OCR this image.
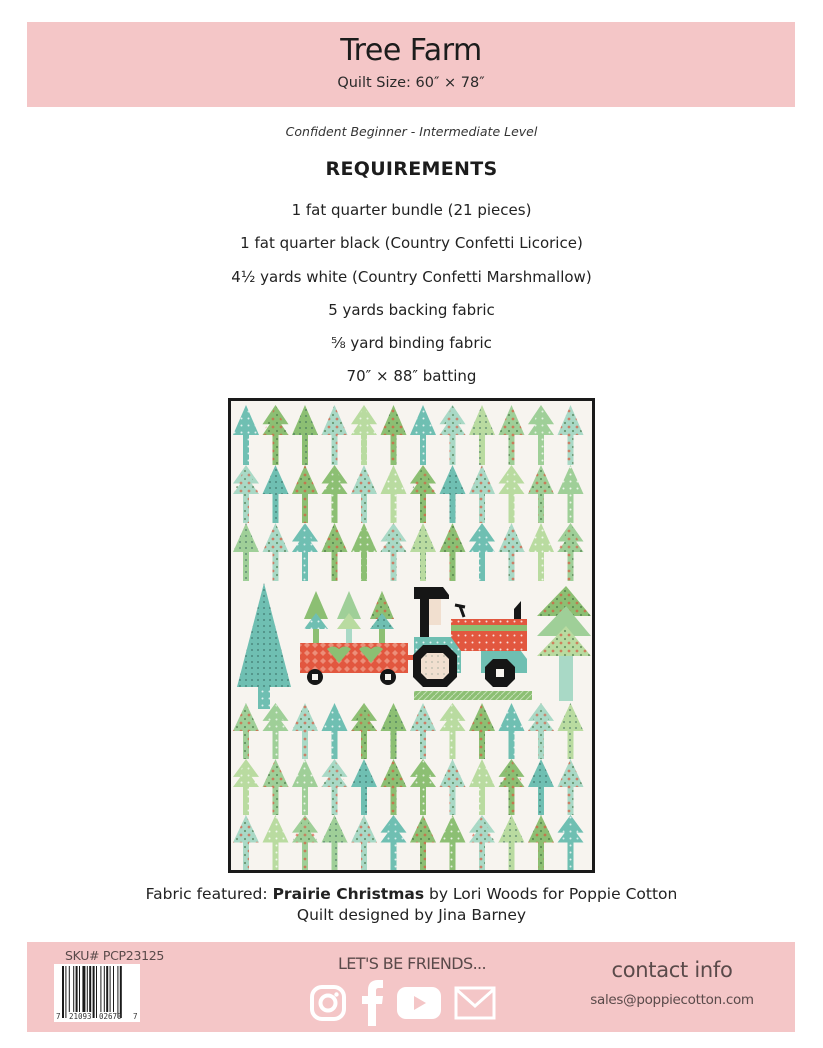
Tree Farm
Quilt Size: 60″ × 78″
Confident Beginner - Intermediate Level
REQUIREMENTS
1 fat quarter bundle (21 pieces)
1 fat quarter black (Country Confetti Licorice)
4½ yards white (Country Confetti Marshmallow)
5 yards backing fabric
⅝ yard binding fabric
70″ × 88″ batting
Fabric featured: Prairie Christmas by Lori Woods for Poppie Cotton
Quilt designed by Jina Barney
SKU# PCP23125
7 21093 02670 7
LET'S BE FRIENDS...	contact info
sales@poppiecotton.com
